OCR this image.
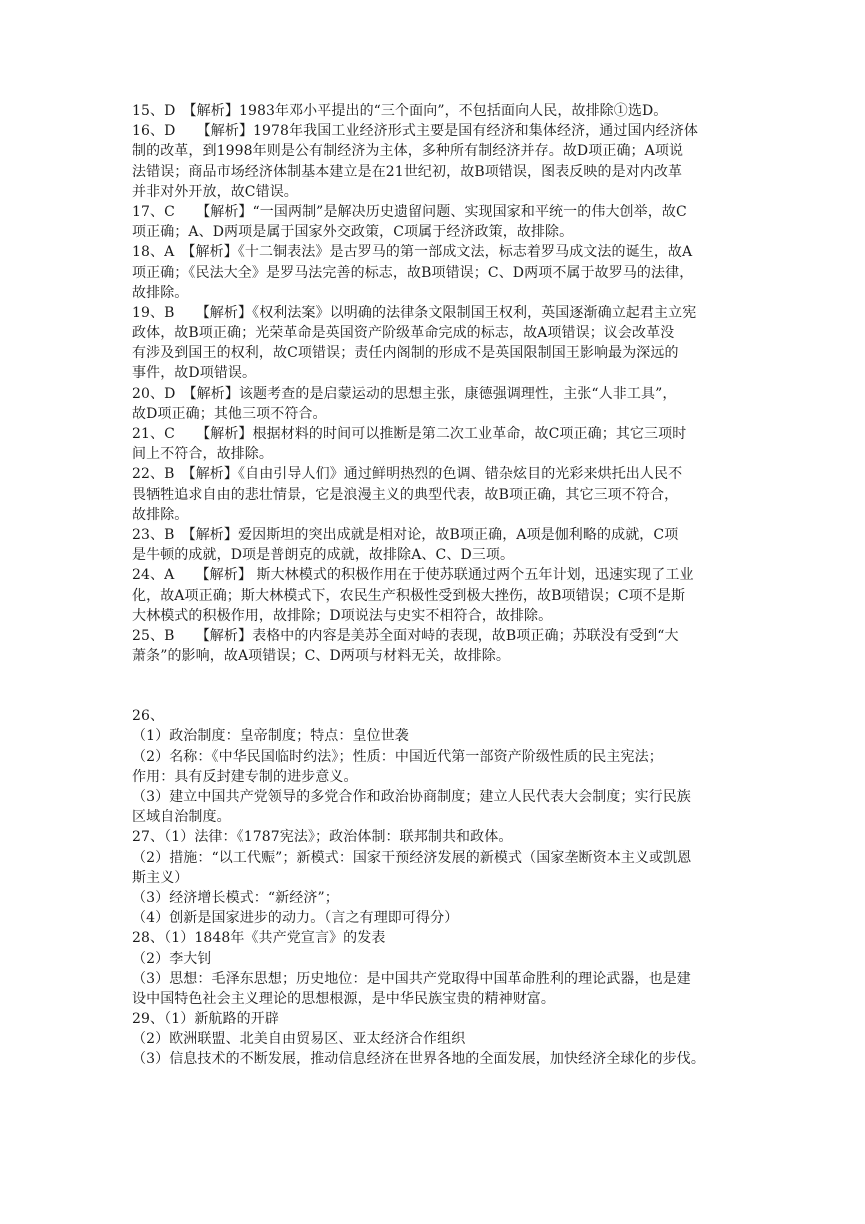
15、D　【解析】1983年邓小平提出的“三个面向”，不包括面向人民，故排除①选D。
16、D　　【解析】1978年我国工业经济形式主要是国有经济和集体经济，通过国内经济体
制的改革，到1998年则是公有制经济为主体，多种所有制经济并存。故D项正确；A项说
法错误；商品市场经济体制基本建立是在21世纪初，故B项错误，图表反映的是对内改革
并非对外开放，故C错误。
17、C　　【解析】“一国两制”是解决历史遗留问题、实现国家和平统一的伟大创举，故C
项正确；A、D两项是属于国家外交政策，C项属于经济政策，故排除。
18、A　【解析】《十二铜表法》是古罗马的第一部成文法，标志着罗马成文法的诞生，故A
项正确；《民法大全》是罗马法完善的标志，故B项错误；C、D两项不属于故罗马的法律，
故排除。
19、B　　【解析】《权利法案》以明确的法律条文限制国王权利，英国逐渐确立起君主立宪
政体，故B项正确；光荣革命是英国资产阶级革命完成的标志，故A项错误；议会改革没
有涉及到国王的权利，故C项错误；责任内阁制的形成不是英国限制国王影响最为深远的
事件，故D项错误。
20、D　【解析】该题考查的是启蒙运动的思想主张，康德强调理性，主张“人非工具”，
故D项正确；其他三项不符合。
21、C　　【解析】根据材料的时间可以推断是第二次工业革命，故C项正确；其它三项时
间上不符合，故排除。
22、B　【解析】《自由引导人们》通过鲜明热烈的色调、错杂炫目的光彩来烘托出人民不
畏牺牲追求自由的悲壮情景，它是浪漫主义的典型代表，故B项正确，其它三项不符合，
故排除。
23、B　【解析】爱因斯坦的突出成就是相对论，故B项正确，A项是伽利略的成就，C项
是牛顿的成就，D项是普朗克的成就，故排除A、C、D三项。
24、A　　【解析】 斯大林模式的积极作用在于使苏联通过两个五年计划，迅速实现了工业
化，故A项正确；斯大林模式下，农民生产积极性受到极大挫伤，故B项错误；C项不是斯
大林模式的积极作用，故排除；D项说法与史实不相符合，故排除。
25、B　　【解析】表格中的内容是美苏全面对峙的表现，故B项正确；苏联没有受到“大
萧条”的影响，故A项错误；C、D两项与材料无关，故排除。
26、
（1）政治制度：皇帝制度；特点：皇位世袭
（2）名称：《中华民国临时约法》；性质：中国近代第一部资产阶级性质的民主宪法；
作用：具有反封建专制的进步意义。
（3）建立中国共产党领导的多党合作和政治协商制度；建立人民代表大会制度；实行民族
区域自治制度。
27、（1）法律：《1787宪法》；政治体制：联邦制共和政体。
（2）措施：“以工代赈”；新模式：国家干预经济发展的新模式（国家垄断资本主义或凯恩
斯主义）
（3）经济增长模式：“新经济”；
（4）创新是国家进步的动力。（言之有理即可得分）
28、（1）1848年《共产党宣言》的发表
（2）李大钊
（3）思想：毛泽东思想；历史地位：是中国共产党取得中国革命胜利的理论武器，也是建
设中国特色社会主义理论的思想根源，是中华民族宝贵的精神财富。
29、（1）新航路的开辟
（2）欧洲联盟、北美自由贸易区、亚太经济合作组织
（3）信息技术的不断发展，推动信息经济在世界各地的全面发展，加快经济全球化的步伐。
